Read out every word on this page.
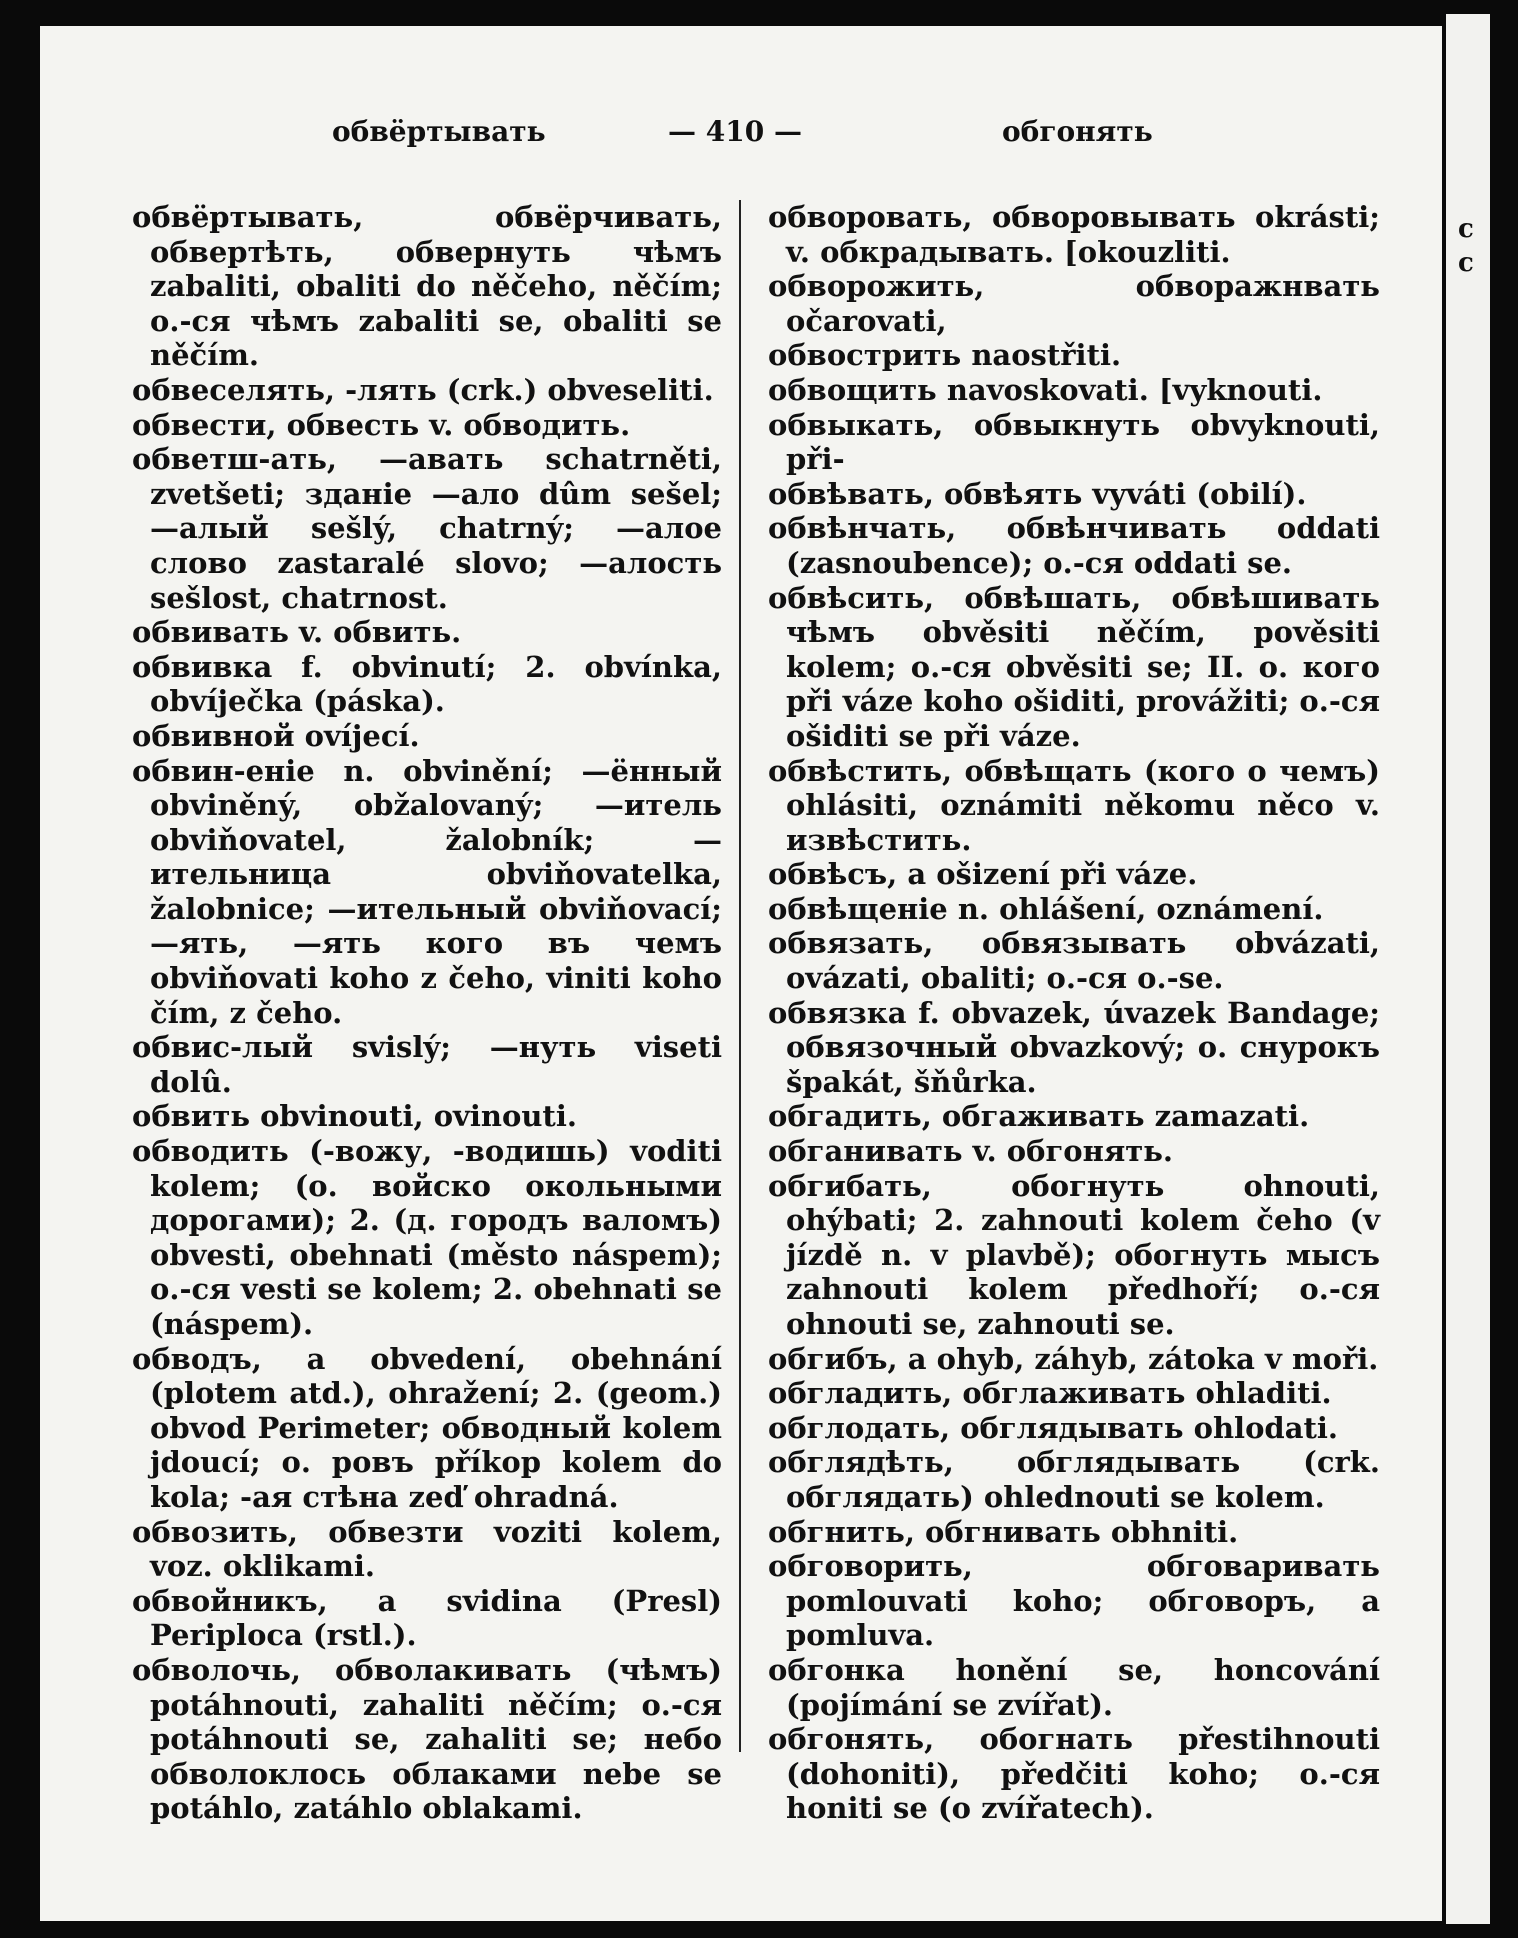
c
c
обвёртывать	— 410 —	обгонять

обвёртывать, обвёрчивать, обвертѣть, обвернуть чѣмъ zabaliti, obaliti do něčeho, něčím; о.-ся чѣмъ zabaliti se, obaliti se něčím.

обвеселять, -лять (crk.) obveseliti.

обвести, обвесть v. обводить.

обветш-ать, —авать schatrněti, zvetšeti; зданіе —ало dûm sešel; —алый sešlý, chatrný; —алое слово zastaralé slovo; —алость sešlost, chatrnost.

обвивать v. обвить.

обвивка f. obvinutí; 2. obvínka, obvíječka (páska).

обвивной ovíjecí.

обвин-еніе n. obvinění; —ённый obviněný, obžalovaný; —итель obviňovatel, žalobník; —ительница obviňovatelka, žalobnice; —ительный obviňovací; —ять, —ять кого въ чемъ obviňovati koho z čeho, viniti koho čím, z čeho.

обвис-лый svislý; —нуть viseti dolû.

обвить obvinouti, ovinouti.

обводить (-вожу, -водишь) voditi kolem; (о. войско окольными дорогами); 2. (д. городъ валомъ) obvesti, obehnati (město náspem); о.-ся vesti se kolem; 2. obehnati se (náspem).

обводъ, a obvedení, obehnání (plotem atd.), ohražení; 2. (geom.) obvod Perimeter; обводный kolem jdoucí; о. ровъ příkop kolem do kola; -ая стѣна zeď ohradná.

обвозить, обвезти voziti kolem, voz. oklikami.

обвойникъ, a svidina (Presl) Periploca (rstl.).

обволочь, обволакивать (чѣмъ) potáhnouti, zahaliti něčím; о.-ся potáhnouti se, zahaliti se; небо обволоклось облаками nebe se potáhlo, zatáhlo oblakami.

обворовать, обворовывать okrásti; v. обкрадывать. [okouzliti.

обворожить, обворажнвать očarovati,

обвострить naostřiti.

обвощить navoskovati. [vyknouti.

обвыкать, обвыкнуть obvyknouti, při-

обвѣвать, обвѣять vyváti (obilí).

обвѣнчать, обвѣнчивать oddati (zasnoubence); о.-ся oddati se.

обвѣсить, обвѣшать, обвѣшивать чѣмъ obvěsiti něčím, pověsiti kolem; о.-ся obvěsiti se; II. о. кого při váze koho ošiditi, provážiti; о.-ся ošiditi se při váze.

обвѣстить, обвѣщать (кого о чемъ) ohlásiti, oznámiti někomu něco v. извѣстить.

обвѣсъ, a ošizení při váze.

обвѣщеніе n. ohlášení, oznámení.

обвязать, обвязывать obvázati, ovázati, obaliti; о.-ся о.-se.

обвязка f. obvazek, úvazek Bandage; обвязочный obvazkový; о. снурокъ špakát, šňůrka.

обгадить, обгаживать zamazati.

обганивать v. обгонять.

обгибать, обогнуть ohnouti, ohýbati; 2. zahnouti kolem čeho (v jízdě n. v plavbě); обогнуть мысъ zahnouti kolem předhoří; о.-ся ohnouti se, zahnouti se.

обгибъ, a ohyb, záhyb, zátoka v moři.

обгладить, обглаживать ohladiti.

обглодать, обглядывать ohlodati.

обглядѣть, обглядывать (crk. обглядать) ohlednouti se kolem.

обгнить, обгнивать obhniti.

обговорить, обговаривать pomlouvati koho; обговоръ, a pomluva.

обгонка honění se, honcování (pojímání se zvířat).

обгонять, обогнать přestihnouti (dohoniti), předčiti koho; о.-ся honiti se (o zvířatech).
